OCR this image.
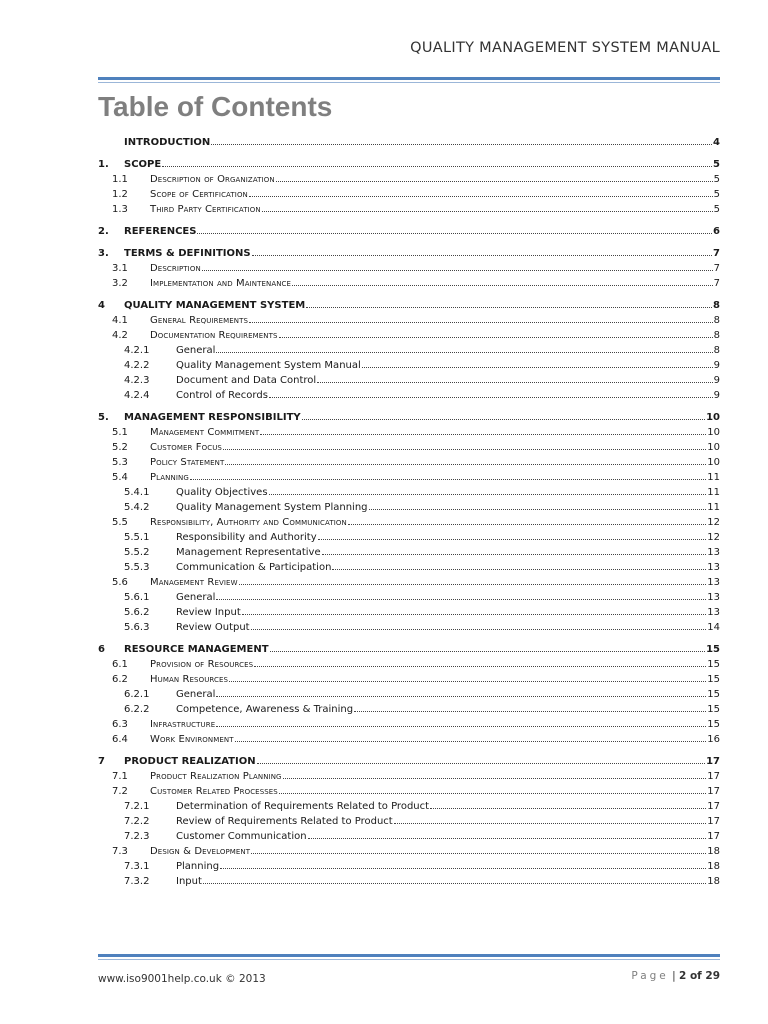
QUALITY MANAGEMENT SYSTEM MANUAL
Table of Contents
INTRODUCTION	4
1. SCOPE	5
1.1 Description of Organization	5
1.2 Scope of Certification	5
1.3 Third Party Certification	5
2. REFERENCES	6
3. TERMS & DEFINITIONS	7
3.1 Description	7
3.2 Implementation and Maintenance	7
4 QUALITY MANAGEMENT SYSTEM	8
4.1 General Requirements	8
4.2 Documentation Requirements	8
4.2.1	General	8
4.2.2	Quality Management System Manual	9
4.2.3	Document and Data Control	9
4.2.4	Control of Records	9
5. MANAGEMENT RESPONSIBILITY	10
5.1 Management Commitment	10
5.2 Customer Focus	10
5.3 Policy Statement	10
5.4 Planning	11
5.4.1	Quality Objectives	11
5.4.2	Quality Management System Planning	11
5.5 Responsibility, Authority and Communication	12
5.5.1	Responsibility and Authority	12
5.5.2	Management Representative	13
5.5.3	Communication & Participation	13
5.6 Management Review	13
5.6.1	General	13
5.6.2	Review Input	13
5.6.3	Review Output	14
6 RESOURCE MANAGEMENT	15
6.1 Provision of Resources	15
6.2 Human Resources	15
6.2.1	General	15
6.2.2	Competence, Awareness & Training	15
6.3 Infrastructure	15
6.4 Work Environment	16
7 PRODUCT REALIZATION	17
7.1 Product Realization Planning	17
7.2 Customer Related Processes	17
7.2.1	Determination of Requirements Related to Product	17
7.2.2	Review of Requirements Related to Product	17
7.2.3	Customer Communication	17
7.3 Design & Development	18
7.3.1	Planning	18
7.3.2	Input	18
www.iso9001help.co.uk © 2013	Page | 2 of 29
